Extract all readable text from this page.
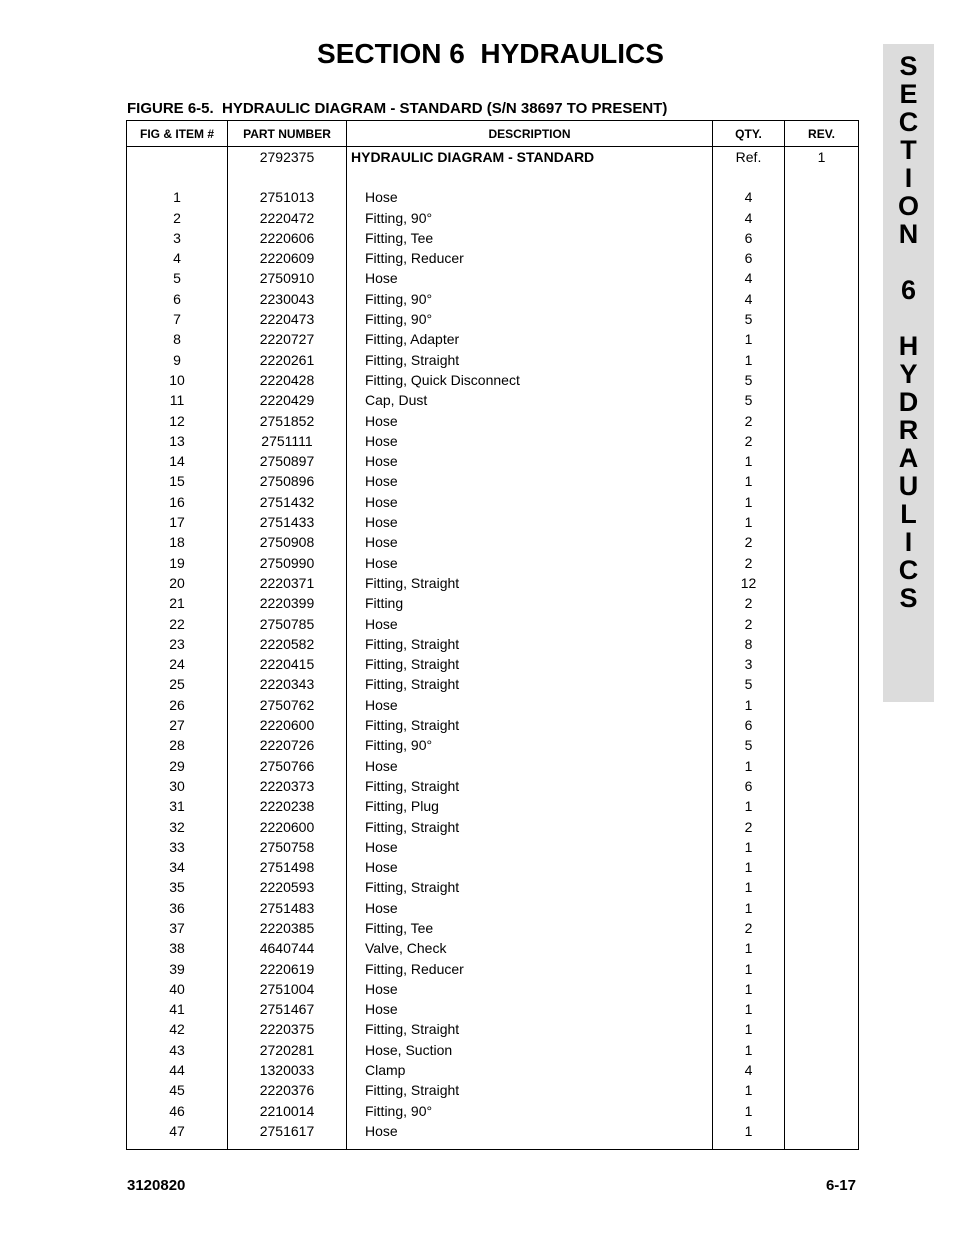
SECTION 6  HYDRAULICS
FIGURE 6-5.  HYDRAULIC DIAGRAM - STANDARD (S/N 38697 TO PRESENT)
S
E
C
T
I
O
N
6
H
Y
D
R
A
U
L
I
C
S
FIG & ITEM #	PART NUMBER	DESCRIPTION	QTY.	REV.
	2792375	HYDRAULIC DIAGRAM - STANDARD	Ref.	1

1	2751013	Hose	4	
2	2220472	Fitting, 90°	4	
3	2220606	Fitting, Tee	6	
4	2220609	Fitting, Reducer	6	
5	2750910	Hose	4	
6	2230043	Fitting, 90°	4	
7	2220473	Fitting, 90°	5	
8	2220727	Fitting, Adapter	1	
9	2220261	Fitting, Straight	1	
10	2220428	Fitting, Quick Disconnect	5	
11	2220429	Cap, Dust	5	
12	2751852	Hose	2	
13	2751111	Hose	2	
14	2750897	Hose	1	
15	2750896	Hose	1	
16	2751432	Hose	1	
17	2751433	Hose	1	
18	2750908	Hose	2	
19	2750990	Hose	2	
20	2220371	Fitting, Straight	12	
21	2220399	Fitting	2	
22	2750785	Hose	2	
23	2220582	Fitting, Straight	8	
24	2220415	Fitting, Straight	3	
25	2220343	Fitting, Straight	5	
26	2750762	Hose	1	
27	2220600	Fitting, Straight	6	
28	2220726	Fitting, 90°	5	
29	2750766	Hose	1	
30	2220373	Fitting, Straight	6	
31	2220238	Fitting, Plug	1	
32	2220600	Fitting, Straight	2	
33	2750758	Hose	1	
34	2751498	Hose	1	
35	2220593	Fitting, Straight	1	
36	2751483	Hose	1	
37	2220385	Fitting, Tee	2	
38	4640744	Valve, Check	1	
39	2220619	Fitting, Reducer	1	
40	2751004	Hose	1	
41	2751467	Hose	1	
42	2220375	Fitting, Straight	1	
43	2720281	Hose, Suction	1	
44	1320033	Clamp	4	
45	2220376	Fitting, Straight	1	
46	2210014	Fitting, 90°	1	
47	2751617	Hose	1	

3120820	6-17
